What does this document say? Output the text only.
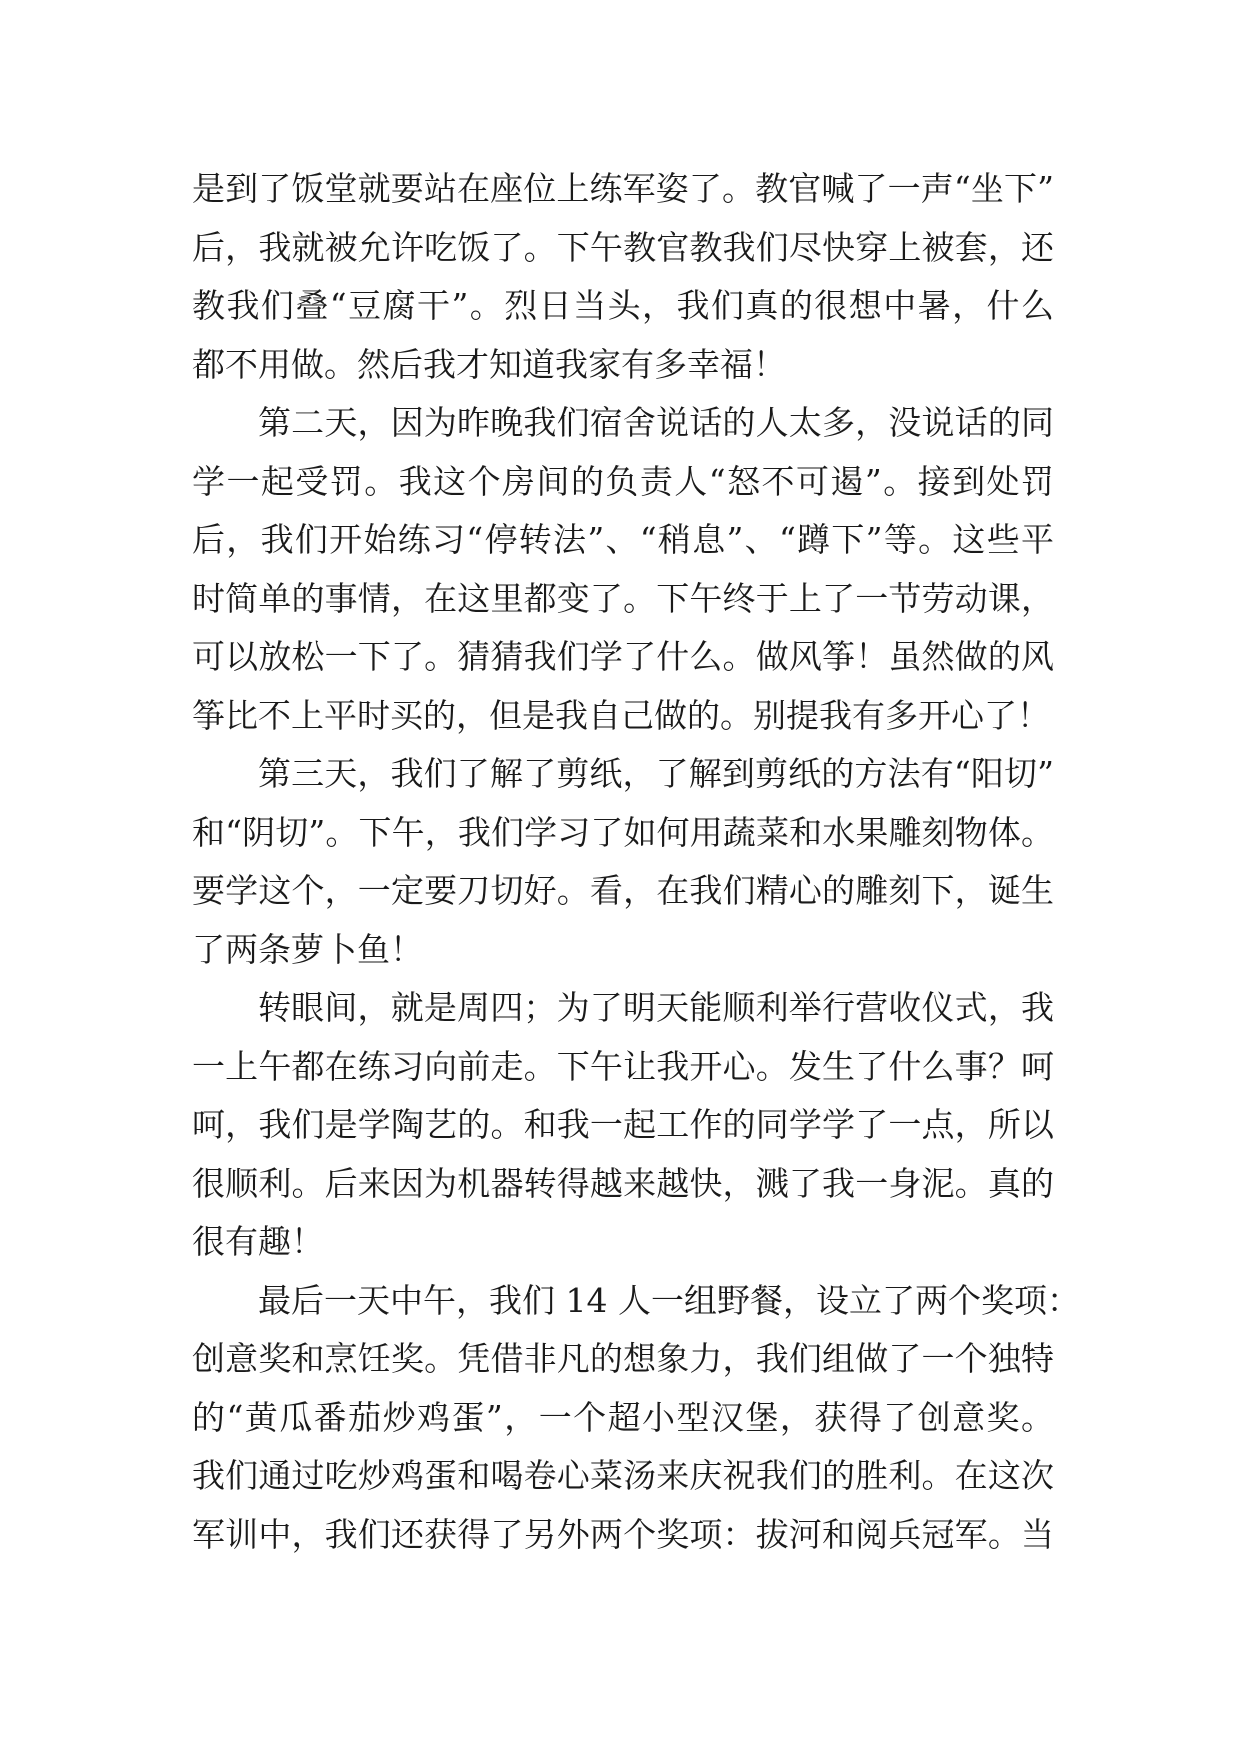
是到了饭堂就要站在座位上练军姿了。教官喊了一声“坐下”
后，我就被允许吃饭了。下午教官教我们尽快穿上被套，还
教我们叠“豆腐干”。烈日当头，我们真的很想中暑，什么
都不用做。然后我才知道我家有多幸福！
第二天，因为昨晚我们宿舍说话的人太多，没说话的同
学一起受罚。我这个房间的负责人“怒不可遏”。接到处罚
后，我们开始练习“停转法”、“稍息”、“蹲下”等。这些平
时简单的事情，在这里都变了。下午终于上了一节劳动课，
可以放松一下了。猜猜我们学了什么。做风筝！虽然做的风
筝比不上平时买的，但是我自己做的。别提我有多开心了！
第三天，我们了解了剪纸，了解到剪纸的方法有“阳切”
和“阴切”。下午，我们学习了如何用蔬菜和水果雕刻物体。
要学这个，一定要刀切好。看，在我们精心的雕刻下，诞生
了两条萝卜鱼！
转眼间，就是周四；为了明天能顺利举行营收仪式，我
一上午都在练习向前走。下午让我开心。发生了什么事？呵
呵，我们是学陶艺的。和我一起工作的同学学了一点，所以
很顺利。后来因为机器转得越来越快，溅了我一身泥。真的
很有趣！
最后一天中午，我们 14 人一组野餐，设立了两个奖项：
创意奖和烹饪奖。凭借非凡的想象力，我们组做了一个独特
的“黄瓜番茄炒鸡蛋”，一个超小型汉堡，获得了创意奖。
我们通过吃炒鸡蛋和喝卷心菜汤来庆祝我们的胜利。在这次
军训中，我们还获得了另外两个奖项：拔河和阅兵冠军。当
